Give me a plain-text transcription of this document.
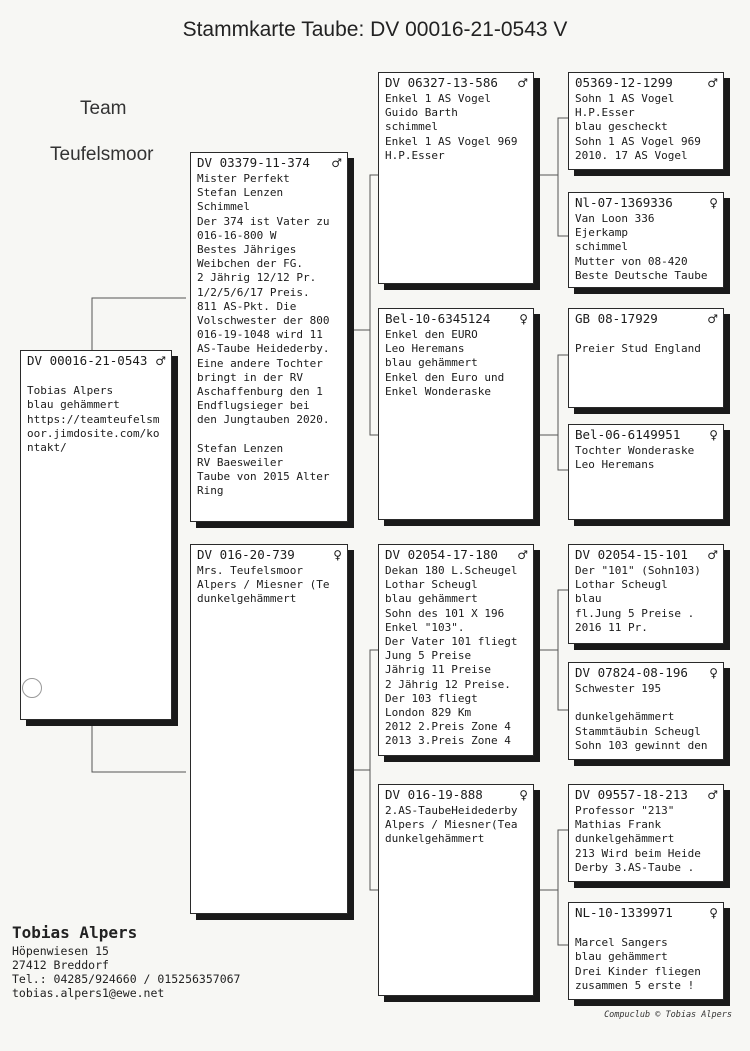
Stammkarte Taube: DV 00016-21-0543 V
Team
Teufelsmoor
DV 00016-21-0543 ♂
Tobias Alpers
blau gehämmert
https://teamteufelsm
oor.jimdosite.com/ko
ntakt/
DV 03379-11-374 ♂
Mister Perfekt
Stefan Lenzen
Schimmel
Der 374 ist Vater zu
016-16-800 W
Bestes Jähriges
Weibchen der FG.
2 Jährig 12/12 Pr.
1/2/5/6/17 Preis.
811 AS-Pkt. Die
Volschwester der 800
016-19-1048 wird 11
AS-Taube Heidederby.
Eine andere Tochter
bringt in der RV
Aschaffenburg den 1
Endflugsieger bei
den Jungtauben 2020.
Stefan Lenzen
RV Baesweiler
Taube von 2015 Alter
Ring
DV 016-20-739	♀
Mrs. Teufelsmoor
Alpers / Miesner (Te
dunkelgehämmert
DV 06327-13-586 ♂
Enkel 1 AS Vogel
Guido Barth
schimmel
Enkel 1 AS Vogel 969
H.P.Esser
Bel-10-6345124 ♀
Enkel den EURO
Leo Heremans
blau gehämmert
Enkel den Euro und
Enkel Wonderaske
DV 02054-17-180 ♂
Dekan 180 L.Scheugel
Lothar Scheugl
blau gehämmert
Sohn des 101 X 196
Enkel "103".
Der Vater 101 fliegt
Jung 5 Preise
Jährig 11 Preise
2 Jährig 12 Preise.
Der 103 fliegt
London 829 Km
2012 2.Preis Zone 4
2013 3.Preis Zone 4
DV 016-19-888	♀
2.AS-TaubeHeidederby
Alpers / Miesner(Tea
dunkelgehämmert
05369-12-1299	♂
Sohn 1 AS Vogel
H.P.Esser
blau gescheckt
Sohn 1 AS Vogel 969
2010. 17 AS Vogel
Nl-07-1369336	♀
Van Loon 336
Ejerkamp
schimmel
Mutter von 08-420
Beste Deutsche Taube
GB 08-17929	♂
Preier Stud England
Bel-06-6149951 ♀
Tochter Wonderaske
Leo Heremans
DV 02054-15-101 ♂
Der "101" (Sohn103)
Lothar Scheugl
blau
fl.Jung 5 Preise .
2016 11 Pr.
DV 07824-08-196 ♀
Schwester 195
dunkelgehämmert
Stammtäubin Scheugl
Sohn 103 gewinnt den
DV 09557-18-213 ♂
Professor "213"
Mathias Frank
dunkelgehämmert
213 Wird beim Heide
Derby 3.AS-Taube .
NL-10-1339971	♀
Marcel Sangers
blau gehämmert
Drei Kinder fliegen
zusammen 5 erste !
Tobias Alpers
Höpenwiesen 15
27412 Breddorf
Tel.: 04285/924660 / 015256357067
tobias.alpers1@ewe.net
Compuclub © Tobias Alpers
